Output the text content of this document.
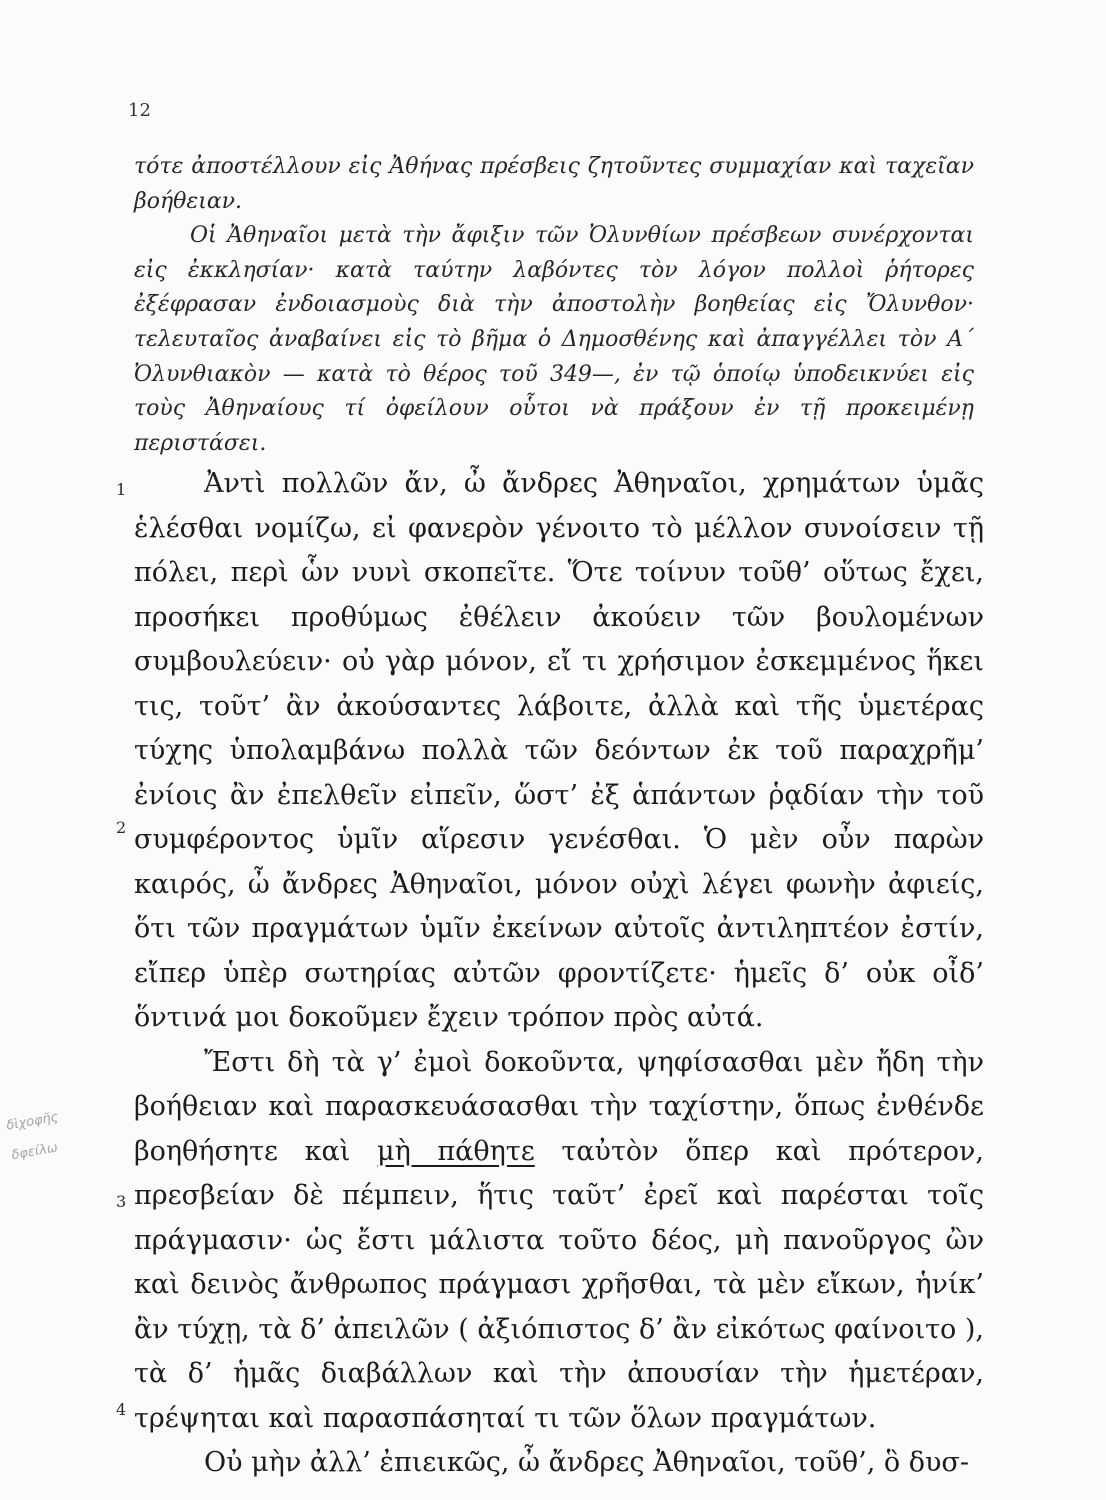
12

τότε ἀποστέλλουν εἰς Ἀθήνας πρέσβεις ζητοῦντες συμμαχίαν καὶ ταχεῖαν βοήθειαν.

Οἱ Ἀθηναῖοι μετὰ τὴν ἄφιξιν τῶν Ὀλυνθίων πρέσβεων συνέρχονται εἰς ἐκκλησίαν· κατὰ ταύτην λαβόντες τὸν λόγον πολλοὶ ῥήτορες ἐξέφρασαν ἐνδοιασμοὺς διὰ τὴν ἀποστολὴν βοηθείας εἰς Ὄλυνθον· τελευταῖος ἀναβαίνει εἰς τὸ βῆμα ὁ Δημοσθένης καὶ ἀπαγγέλλει τὸν Α΄ Ὀλυνθιακὸν — κατὰ τὸ θέρος τοῦ 349—, ἐν τῷ ὁποίῳ ὑποδεικνύει εἰς τοὺς Ἀθηναίους τί ὀφείλουν οὗτοι νὰ πράξουν ἐν τῇ προκειμένῃ περιστάσει.

1
2
3
4

Ἀντὶ πολλῶν ἄν, ὦ ἄνδρες Ἀθηναῖοι, χρημάτων ὑμᾶς ἑλέσθαι νομίζω, εἰ φανερὸν γένοιτο τὸ μέλλον συνοίσειν τῇ πόλει, περὶ ὧν νυνὶ σκοπεῖτε. Ὅτε τοίνυν τοῦθ’ οὕτως ἔχει, προσήκει προθύμως ἐθέλειν ἀκούειν τῶν βουλομένων συμβουλεύειν· οὐ γὰρ μόνον, εἴ τι χρήσιμον ἐσκεμμένος ἥκει τις, τοῦτ’ ἂν ἀκούσαντες λάβοιτε, ἀλλὰ καὶ τῆς ὑμετέρας τύχης ὑπολαμβάνω πολλὰ τῶν δεόντων ἐκ τοῦ παραχρῆμ’ ἐνίοις ἂν ἐπελθεῖν εἰπεῖν, ὥστ’ ἐξ ἁπάντων ῥᾳδίαν τὴν τοῦ συμφέροντος ὑμῖν αἵρεσιν γενέσθαι. Ὁ μὲν οὖν παρὼν καιρός, ὦ ἄνδρες Ἀθηναῖοι, μόνον οὐχὶ λέγει φωνὴν ἀφιείς, ὅτι τῶν πραγμάτων ὑμῖν ἐκείνων αὐτοῖς ἀντιληπτέον ἐστίν, εἴπερ ὑπὲρ σωτηρίας αὐτῶν φροντίζετε· ἡμεῖς δ’ οὐκ οἶδ’ ὅντινά μοι δοκοῦμεν ἔχειν τρόπον πρὸς αὐτά.

Ἔστι δὴ τὰ γ’ ἐμοὶ δοκοῦντα, ψηφίσασθαι μὲν ἤδη τὴν βοήθειαν καὶ παρασκευάσασθαι τὴν ταχίστην, ὅπως ἐνθένδε βοηθήσητε καὶ μὴ πάθητε ταὐτὸν ὅπερ καὶ πρότερον, πρεσβείαν δὲ πέμπειν, ἥτις ταῦτ’ ἐρεῖ καὶ παρέσται τοῖς πράγμασιν· ὡς ἔστι μάλιστα τοῦτο δέος, μὴ πανοῦργος ὢν καὶ δεινὸς ἄνθρωπος πράγμασι χρῆσθαι, τὰ μὲν εἴκων, ἡνίκ’ ἂν τύχῃ, τὰ δ’ ἀπειλῶν ( ἀξιόπιστος δ’ ἂν εἰκότως φαίνοιτο ), τὰ δ’ ἡμᾶς διαβάλλων καὶ τὴν ἀπουσίαν τὴν ἡμετέραν, τρέψηται καὶ παρασπάσηταί τι τῶν ὅλων πραγμάτων.

Οὐ μὴν ἀλλ’ ἐπιεικῶς, ὦ ἄνδρες Ἀθηναῖοι, τοῦθ’, ὃ δυσ-

δὶχοφῆς
δφείλω
